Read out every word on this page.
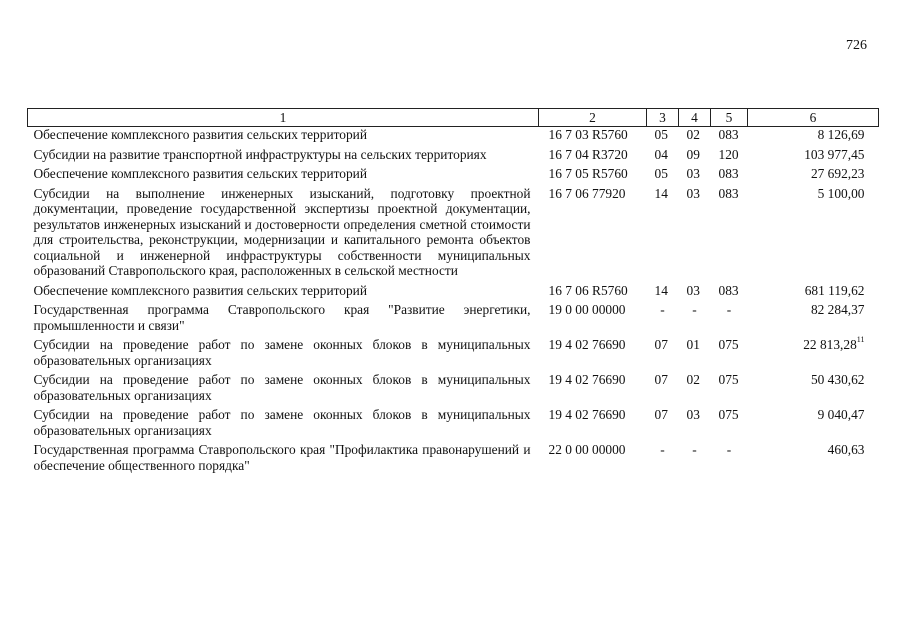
726
1	2	3	4	5	6
Обеспечение комплексного развития сельских территорий	16 7 03 R5760	05	02	083	8 126,69
Субсидии на развитие транспортной инфраструктуры на сельских территориях	16 7 04 R3720	04	09	120	103 977,45
Обеспечение комплексного развития сельских территорий	16 7 05 R5760	05	03	083	27 692,23
Субсидии на выполнение инженерных изысканий, подготовку проектной документации, проведение государственной экспертизы проектной документации, результатов инженерных изысканий и достоверности определения сметной стоимости для строительства, реконструкции, модернизации и капитального ремонта объектов социальной и инженерной инфраструктуры собственности муниципальных образований Ставропольского края, расположенных в сельской местности	16 7 06 77920	14	03	083	5 100,00
Обеспечение комплексного развития сельских территорий	16 7 06 R5760	14	03	083	681 119,62
Государственная программа Ставропольского края "Развитие энергетики, промышленности и связи"	19 0 00 00000	-	-	-	82 284,37
Субсидии на проведение работ по замене оконных блоков в муниципальных образовательных организациях	19 4 02 76690	07	01	075	22 813,28$^{11}$
Субсидии на проведение работ по замене оконных блоков в муниципальных образовательных организациях	19 4 02 76690	07	02	075	50 430,62
Субсидии на проведение работ по замене оконных блоков в муниципальных образовательных организациях	19 4 02 76690	07	03	075	9 040,47
Государственная программа Ставропольского края "Профилактика правонарушений и обеспечение общественного порядка"	22 0 00 00000	-	-	-	460,63
